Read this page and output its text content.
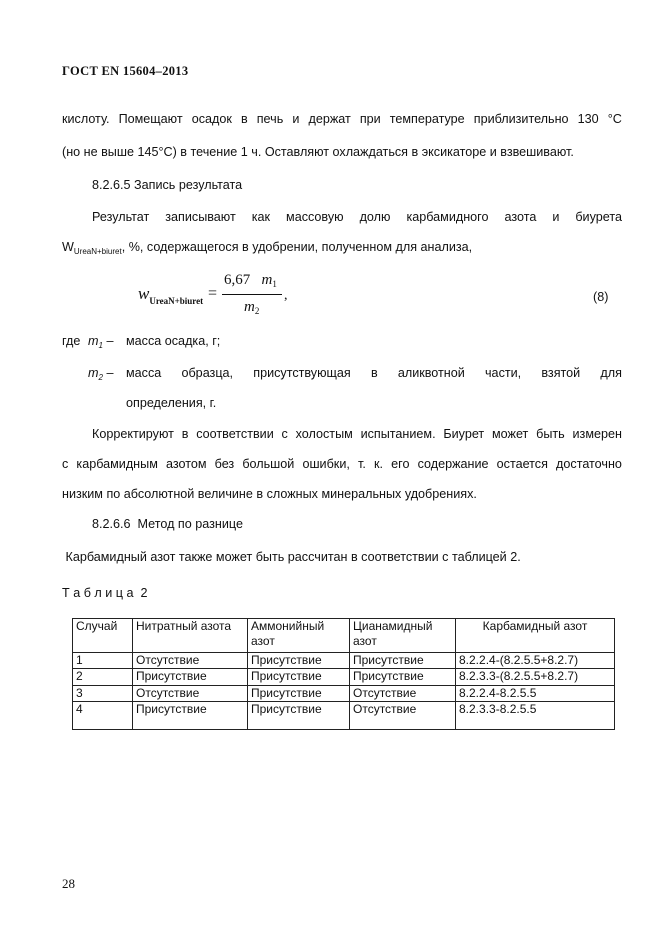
ГОСТ EN 15604–2013
кислоту. Помещают осадок в печь и держат при температуре приблизительно 130 °С
(но не выше 145°С) в течение 1 ч. Оставляют охлаждаться в эксикаторе и взвешивают.
8.2.6.5 Запись результата
Результат записывают как массовую долю карбамидного азота и биурета
$W_{UreaN+biuret}$, %, содержащегося в удобрении, полученном для анализа,
$w_{UreaN+biuret}$ =
6,67 $m_1$
$m_2$
,	(8)
где $m_1$ – масса осадка, г;
$m_2$ – масса образца, присутствующая в аликвотной части, взятой для
определения, г.
Корректируют в соответствии с холостым испытанием. Биурет может быть измерен
с карбамидным азотом без большой ошибки, т. к. его содержание остается достаточно
низким по абсолютной величине в сложных минеральных удобрениях.
8.2.6.6  Метод по разнице
Карбамидный азот также может быть рассчитан в соответствии с таблицей 2.
Т а б л и ц а  2
Случай	Нитратный азота	Аммонийный азот	Цианамидный азот	Карбамидный азот
1	Отсутствие	Присутствие	Присутствие	8.2.2.4-(8.2.5.5+8.2.7)
2	Присутствие	Присутствие	Присутствие	8.2.3.3-(8.2.5.5+8.2.7)
3	Отсутствие	Присутствие	Отсутствие	8.2.2.4-8.2.5.5
4	Присутствие	Присутствие	Отсутствие	8.2.3.3-8.2.5.5
28
